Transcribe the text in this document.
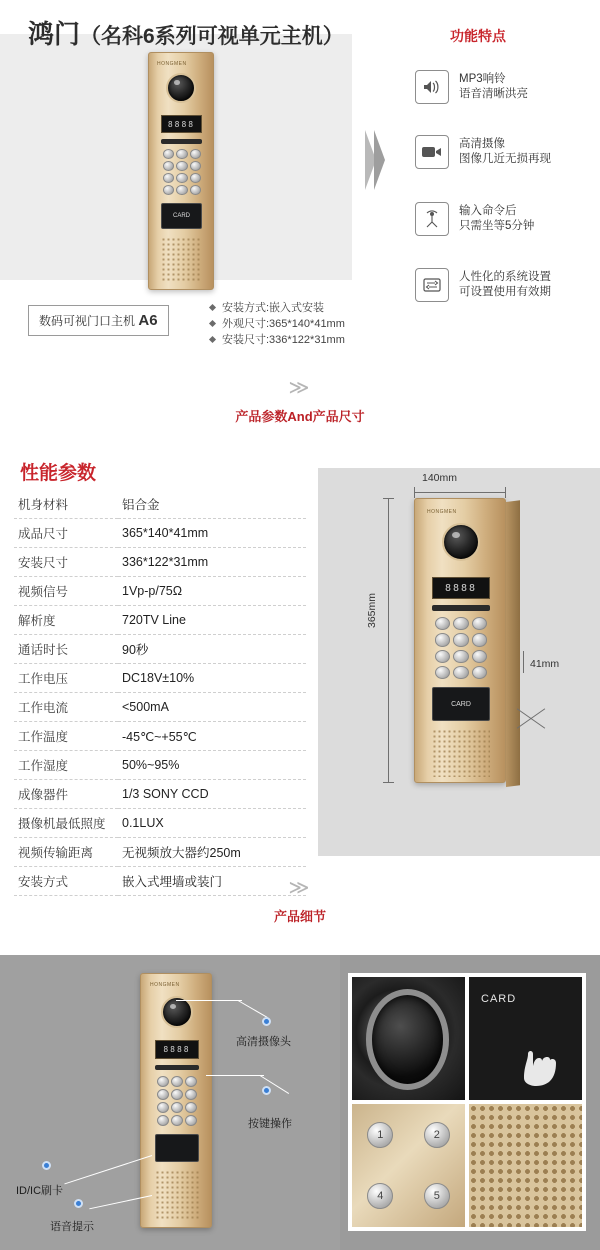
鸿门（名科6系列可视单元主机）
HONGMEN
8888
CARD
数码可视门口主机 A6
安装方式:嵌入式安装
外观尺寸:365*140*41mm
安装尺寸:336*122*31mm
功能特点
MP3响铃
语音清晰洪亮
高清摄像
图像几近无损再现
输入命令后
只需坐等5分钟
人性化的系统设置
可设置使用有效期
≫
产品参数And产品尺寸
性能参数
机身材料	铝合金
成品尺寸	365*140*41mm
安装尺寸	336*122*31mm
视频信号	1Vp-p/75Ω
解析度	720TV Line
通话时长	90秒
工作电压	DC18V±10%
工作电流	<500mA
工作温度	-45℃~+55℃
工作湿度	50%~95%
成像器件	1/3 SONY CCD
摄像机最低照度	0.1LUX
视频传输距离	无视频放大器约250m
安装方式	嵌入式埋墙或装门
140mm
365mm
41mm
HONGMEN
8888
CARD
≫
产品细节
HONGMEN
8888
高清摄像头
按键操作
ID/IC刷卡
语音提示
CARD
1	2
4	5
